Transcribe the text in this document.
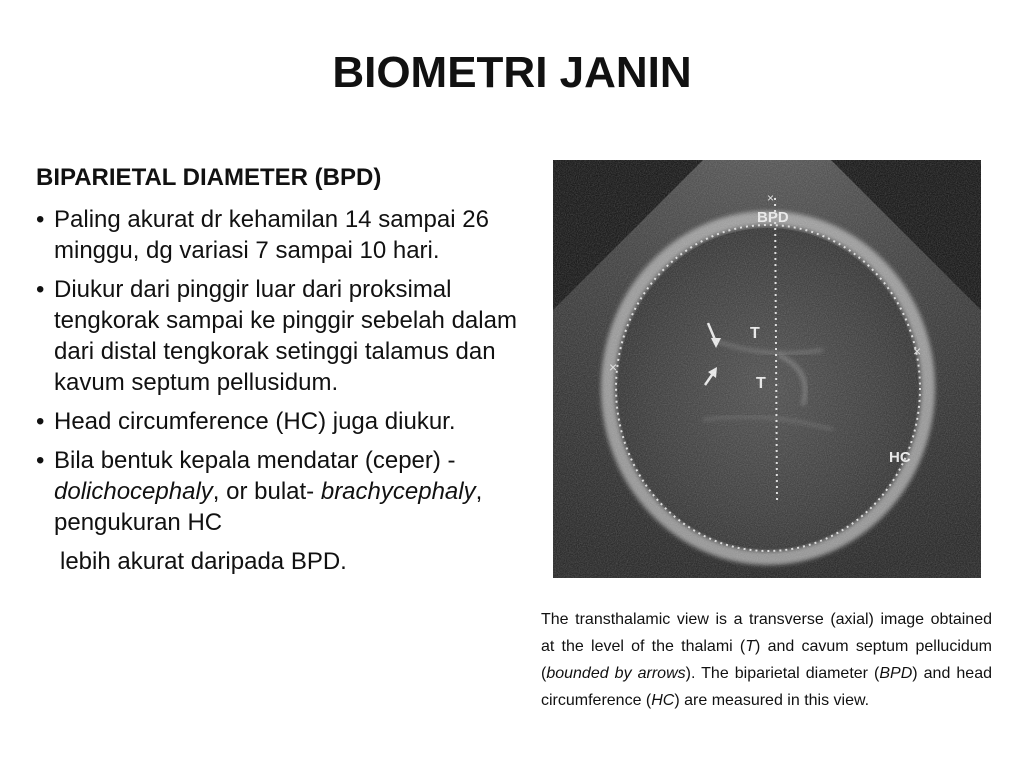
BIOMETRI JANIN
BIPARIETAL DIAMETER (BPD)
• Paling akurat dr kehamilan 14 sampai 26 minggu, dg variasi 7 sampai 10 hari.
• Diukur dari pinggir luar dari proksimal tengkorak sampai ke pinggir sebelah dalam dari distal tengkorak setinggi talamus dan kavum septum pellusidum.
• Head circumference (HC) juga diukur.
• Bila bentuk kepala mendatar (ceper) -dolichocephaly, or bulat- brachycephaly, pengukuran HC
lebih akurat daripada BPD.
The transthalamic view is a transverse (axial) image obtained at the level of the thalami (T) and cavum septum pellucidum (bounded by arrows). The biparietal diameter (BPD) and head circumference (HC) are measured in this view.
